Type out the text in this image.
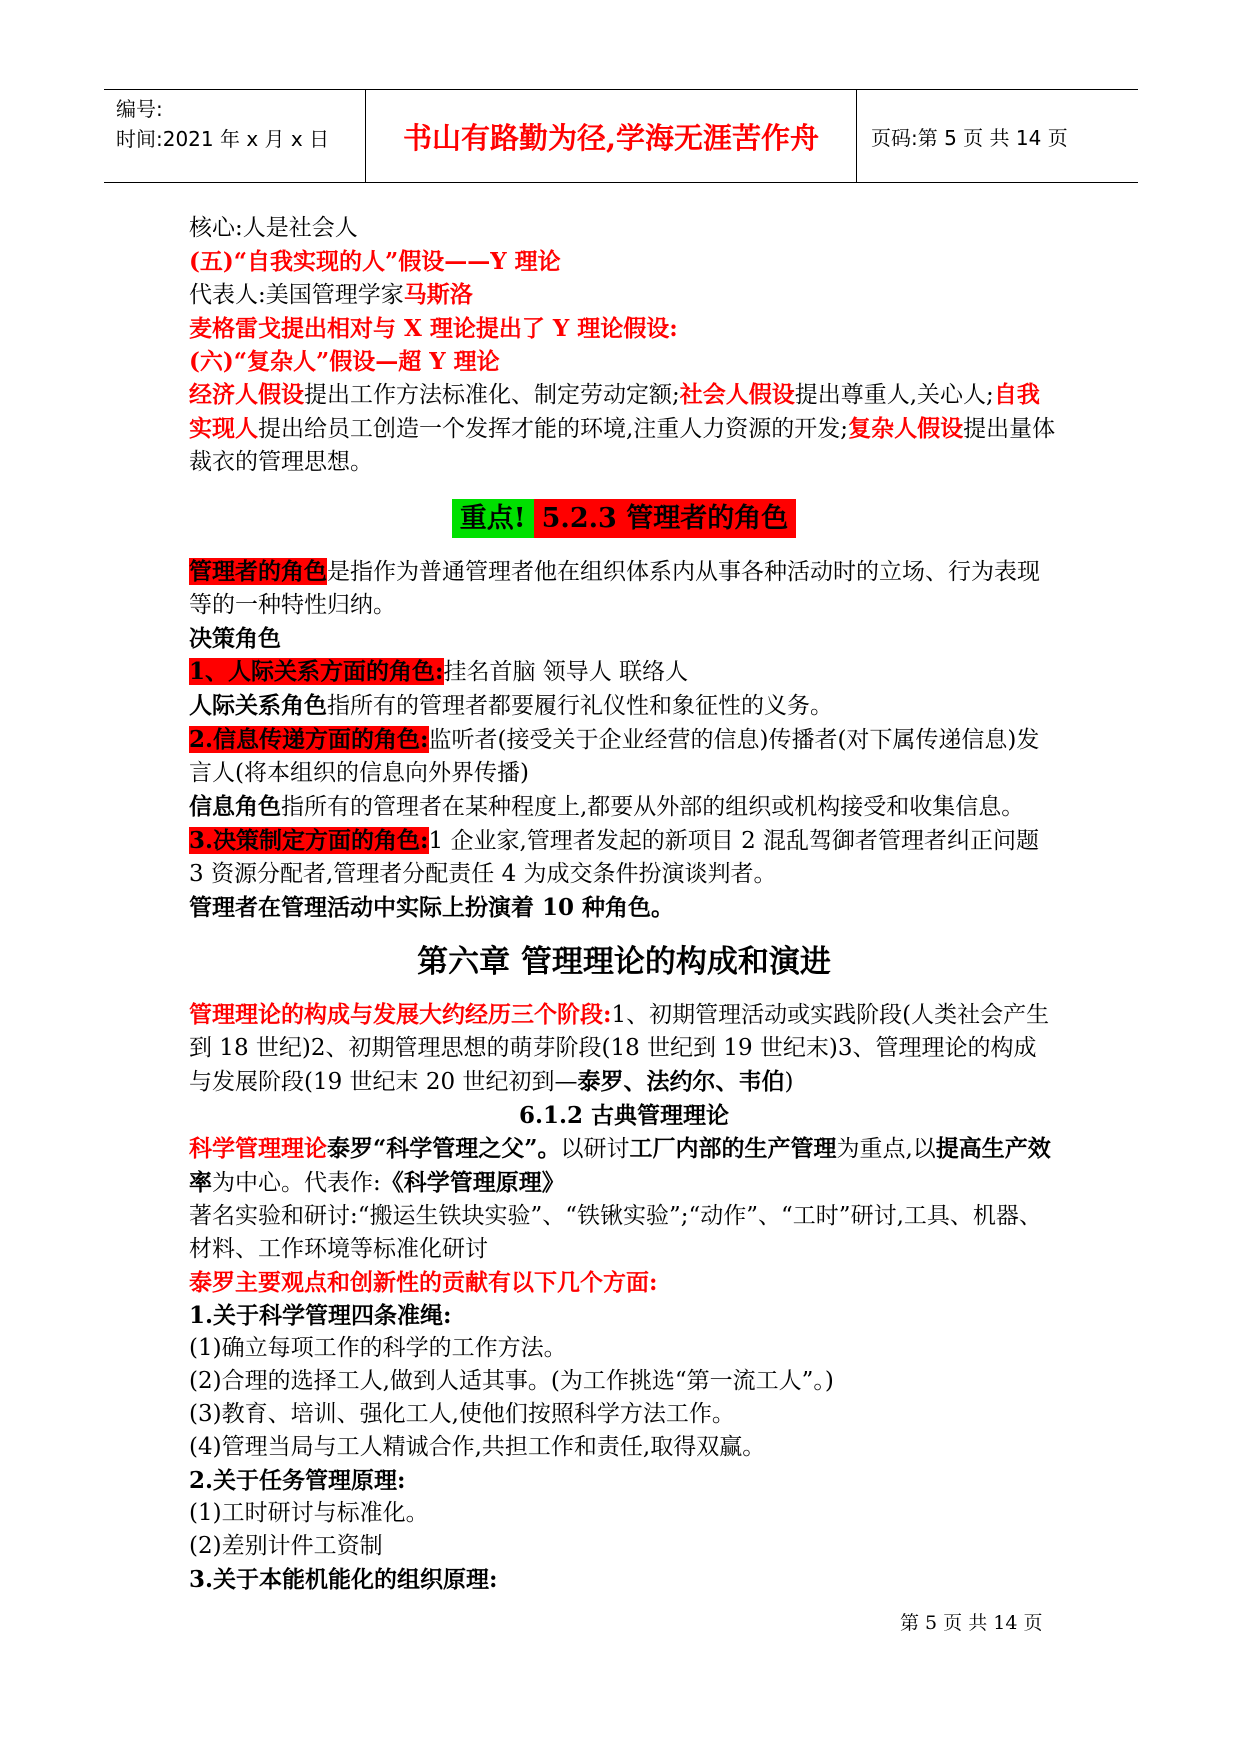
编号:
时间:2021 年 x 月 x 日	书山有路勤为径,学海无涯苦作舟	页码:第 5 页 共 14 页

核心:人是社会人

(五)“自我实现的人”假设——Y 理论

代表人:美国管理学家马斯洛

麦格雷戈提出相对与 X 理论提出了 Y 理论假设:

(六)“复杂人”假设—超 Y 理论

经济人假设提出工作方法标准化、制定劳动定额;社会人假设提出尊重人,关心人;自我实现人提出给员工创造一个发挥才能的环境,注重人力资源的开发;复杂人假设提出量体裁衣的管理思想。

重点! 5.2.3 管理者的角色

管理者的角色是指作为普通管理者他在组织体系内从事各种活动时的立场、行为表现等的一种特性归纳。

决策角色

1、人际关系方面的角色:挂名首脑 领导人 联络人

人际关系角色指所有的管理者都要履行礼仪性和象征性的义务。

2.信息传递方面的角色:监听者(接受关于企业经营的信息)传播者(对下属传递信息)发言人(将本组织的信息向外界传播)

信息角色指所有的管理者在某种程度上,都要从外部的组织或机构接受和收集信息。

3.决策制定方面的角色:1 企业家,管理者发起的新项目 2 混乱驾御者管理者纠正问题 3 资源分配者,管理者分配责任 4 为成交条件扮演谈判者。

管理者在管理活动中实际上扮演着 10 种角色。

第六章 管理理论的构成和演进

管理理论的构成与发展大约经历三个阶段:1、初期管理活动或实践阶段(人类社会产生到 18 世纪)2、初期管理思想的萌芽阶段(18 世纪到 19 世纪末)3、管理理论的构成与发展阶段(19 世纪末 20 世纪初到—泰罗、法约尔、韦伯)

6.1.2 古典管理理论

科学管理理论泰罗“科学管理之父”。以研讨工厂内部的生产管理为重点,以提高生产效率为中心。代表作:《科学管理原理》

著名实验和研讨:“搬运生铁块实验”、“铁锹实验”;“动作”、“工时”研讨,工具、机器、材料、工作环境等标准化研讨

泰罗主要观点和创新性的贡献有以下几个方面:

1.关于科学管理四条准绳:

(1)确立每项工作的科学的工作方法。

(2)合理的选择工人,做到人适其事。(为工作挑选“第一流工人”。)

(3)教育、培训、强化工人,使他们按照科学方法工作。

(4)管理当局与工人精诚合作,共担工作和责任,取得双赢。

2.关于任务管理原理:

(1)工时研讨与标准化。

(2)差别计件工资制

3.关于本能机能化的组织原理:

第 5 页 共 14 页
